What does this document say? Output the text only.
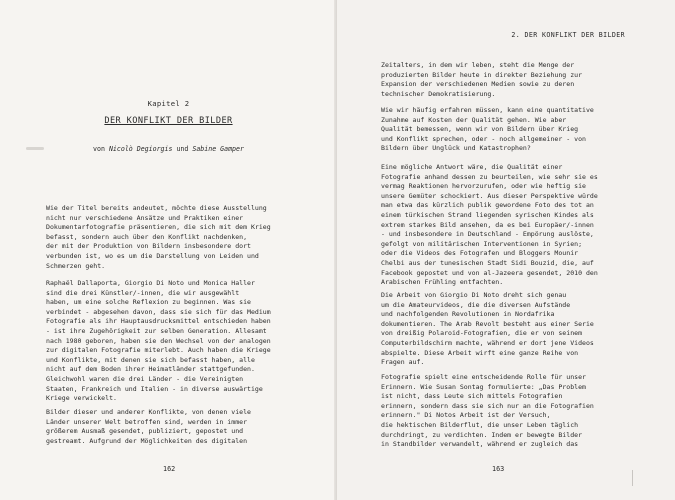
Kapitel 2
DER KONFLIKT DER BILDER
von Nicolò Degiorgis und Sabine Gamper

Wie der Titel bereits andeutet, möchte diese Ausstellung
nicht nur verschiedene Ansätze und Praktiken einer
Dokumentarfotografie präsentieren, die sich mit dem Krieg
befasst, sondern auch über den Konflikt nachdenken,
der mit der Produktion von Bildern insbesondere dort
verbunden ist, wo es um die Darstellung von Leiden und
Schmerzen geht.

Raphaël Dallaporta, Giorgio Di Noto und Monica Haller
sind die drei Künstler/-innen, die wir ausgewählt
haben, um eine solche Reflexion zu beginnen. Was sie
verbindet - abgesehen davon, dass sie sich für das Medium
Fotografie als ihr Hauptausdrucksmittel entschieden haben
- ist ihre Zugehörigkeit zur selben Generation. Allesamt
nach 1980 geboren, haben sie den Wechsel von der analogen
zur digitalen Fotografie miterlebt. Auch haben die Kriege
und Konflikte, mit denen sie sich befasst haben, alle
nicht auf dem Boden ihrer Heimatländer stattgefunden.
Gleichwohl waren die drei Länder - die Vereinigten
Staaten, Frankreich und Italien - in diverse auswärtige
Kriege verwickelt.

Bilder dieser und anderer Konflikte, von denen viele
Länder unserer Welt betroffen sind, werden in immer
größerem Ausmaß gesendet, publiziert, gepostet und
gestreamt. Aufgrund der Möglichkeiten des digitalen

162
2. DER KONFLIKT DER BILDER

Zeitalters, in dem wir leben, steht die Menge der
produzierten Bilder heute in direkter Beziehung zur
Expansion der verschiedenen Medien sowie zu deren
technischer Demokratisierung.

Wie wir häufig erfahren müssen, kann eine quantitative
Zunahme auf Kosten der Qualität gehen. Wie aber
Qualität bemessen, wenn wir von Bildern über Krieg
und Konflikt sprechen, oder - noch allgemeiner - von
Bildern über Unglück und Katastrophen?

Eine mögliche Antwort wäre, die Qualität einer
Fotografie anhand dessen zu beurteilen, wie sehr sie es
vermag Reaktionen hervorzurufen, oder wie heftig sie
unsere Gemüter schockiert. Aus dieser Perspektive würde
man etwa das kürzlich publik gewordene Foto des tot an
einem türkischen Strand liegenden syrischen Kindes als
extrem starkes Bild ansehen, da es bei Europäer/-innen
- und insbesondere in Deutschland - Empörung auslöste,
gefolgt von militärischen Interventionen in Syrien;
oder die Videos des Fotografen und Bloggers Mounir
Chelbi aus der tunesischen Stadt Sidi Bouzid, die, auf
Facebook gepostet und von al-Jazeera gesendet, 2010 den
Arabischen Frühling entfachten.

Die Arbeit von Giorgio Di Noto dreht sich genau
um die Amateurvideos, die die diversen Aufstände
und nachfolgenden Revolutionen in Nordafrika
dokumentieren. The Arab Revolt besteht aus einer Serie
von dreißig Polaroid-Fotografien, die er von seinem
Computerbildschirm machte, während er dort jene Videos
abspielte. Diese Arbeit wirft eine ganze Reihe von
Fragen auf.

Fotografie spielt eine entscheidende Rolle für unser
Erinnern. Wie Susan Sontag formulierte: „Das Problem
ist nicht, dass Leute sich mittels Fotografien
erinnern, sondern dass sie sich nur an die Fotografien
erinnern." Di Notos Arbeit ist der Versuch,
die hektischen Bilderflut, die unser Leben täglich
durchdringt, zu verdichten. Indem er bewegte Bilder
in Standbilder verwandelt, während er zugleich das

163
